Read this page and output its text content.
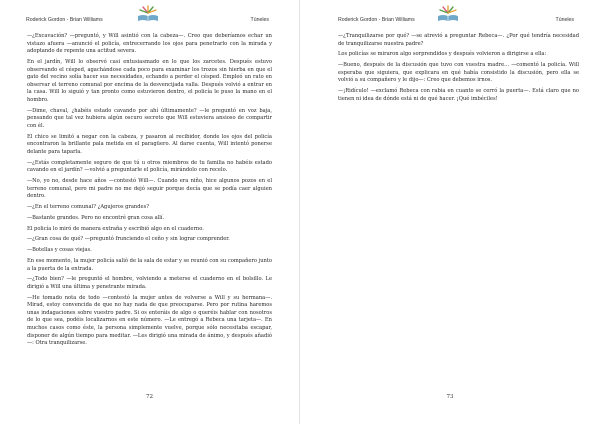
Roderick Gordon - Brian Williams	Túneles

—¿Excavación? —preguntó, y Will asintió con la cabeza—. Creo que deberíamos echar un vistazo afuera —anunció el policía, entrecerrando los ojos para penetrarlo con la mirada y adoptando de repente una actitud severa.

En el jardín, Will lo observó casi entusiasmado en lo que los zarcetes. Después estuvo observando el césped, agachándose cada poco para examinar los trozos sin hierba en que el gato del vecino solía hacer sus necesidades, echando a perder el césped. Empleó un rato en observar el terreno comunal por encima de la desvencijada valla. Después volvió a entrar en la casa. Will lo siguió y tan pronto como estuvieron dentro, el policía le puso la mano en el hombro.

—Dime, chaval, ¿habéis estado cavando por ahí últimamente? —le preguntó en voz baja, pensando que tal vez hubiera algún oscuro secreto que Will estuviera ansioso de compartir con él.

El chico se limitó a negar con la cabeza, y pasaron al recibidor, donde los ojos del policía encontraron la brillante pala metida en el paragüero. Al darse cuenta, Will intentó ponerse delante para taparla.

—¿Estás completamente seguro de que tú u otros miembros de tu familia no habéis estado cavando en el jardín? —volvió a preguntarle el policía, mirándolo con recelo.

—No, yo no, desde hace años —contestó Will—. Cuando era niño, hice algunos pozos en el terreno comunal, pero mi padre no me dejó seguir porque decía que se podía caer alguien dentro.

—¿En el terreno comunal? ¿Agujeros grandes?

—Bastante grandes. Pero no encontré gran cosa allí.

El policía lo miró de manera extraña y escribió algo en el cuaderno.

—¿Gran cosa de qué? —preguntó frunciendo el ceño y sin lograr comprender.

—Botellas y cosas viejas.

En ese momento, la mujer policía salió de la sala de estar y se reunió con su compañero junto a la puerta de la entrada.

—¿Todo bien? —le preguntó el hombre, volviendo a meterse el cuaderno en el bolsillo. Le dirigió a Will una última y penetrante mirada.

—He tomado nota de todo —contestó la mujer antes de volverse a Will y su hermana—. Mirad, estoy convencida de que no hay nada de que preocuparse. Pero por rutina haremos unas indagaciones sobre vuestro padre. Si os enteráis de algo o queréis hablar con nosotros de lo que sea, podéis localizarnos en este número. —Le entregó a Rebeca una tarjeta—. En muchos casos como éste, la persona simplemente vuelve, porque sólo necesitaba escapar, disponer de algún tiempo para meditar. —Les dirigió una mirada de ánimo, y después añadió—: Otra tranquilizarse.

72
Roderick Gordon - Brian Williams	Túneles

—¿Tranquilizarse por qué? —se atrevió a preguntar Rebeca—. ¿Por qué tendría necesidad de tranquilizarse nuestra padre?

Los policías se miraron algo sorprendidos y después volvieron a dirigirse a ella:

—Bueno, después de la discusión que tuvo con vuestra madre... —comentó la policía. Will esperaba que siguiera, que explicara en qué había consistido la discusión, pero ella se volvió a su compañero y le dijo—: Creo que debemos irnos.

—¡Ridículo! —exclamó Rebeca con rabia en cuanto se cerró la puerta—. Está claro que no tienen ni idea de dónde está ni de qué hacer. ¡Qué imbéciles!

73
